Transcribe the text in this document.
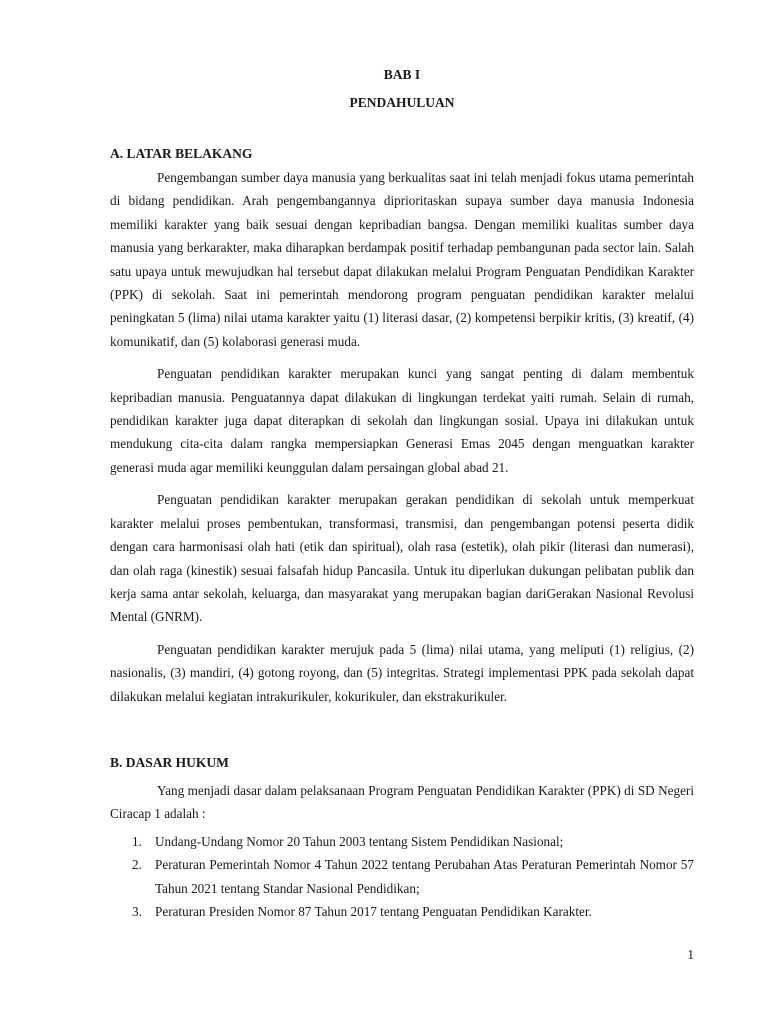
BAB I

PENDAHULUAN

A. LATAR BELAKANG

Pengembangan sumber daya manusia yang berkualitas saat ini telah menjadi fokus utama pemerintah di bidang pendidikan. Arah pengembangannya diprioritaskan supaya sumber daya manusia Indonesia memiliki karakter yang baik sesuai dengan kepribadian bangsa. Dengan memiliki kualitas sumber daya manusia yang berkarakter, maka diharapkan berdampak positif terhadap pembangunan pada sector lain. Salah satu upaya untuk mewujudkan hal tersebut dapat dilakukan melalui Program Penguatan Pendidikan Karakter (PPK) di sekolah. Saat ini pemerintah mendorong program penguatan pendidikan karakter melalui peningkatan 5 (lima) nilai utama karakter yaitu (1) literasi dasar, (2) kompetensi berpikir kritis, (3) kreatif, (4) komunikatif, dan (5) kolaborasi generasi muda.

Penguatan pendidikan karakter merupakan kunci yang sangat penting di dalam membentuk kepribadian manusia. Penguatannya dapat dilakukan di lingkungan terdekat yaiti rumah. Selain di rumah, pendidikan karakter juga dapat diterapkan di sekolah dan lingkungan sosial. Upaya ini dilakukan untuk mendukung cita-cita dalam rangka mempersiapkan Generasi Emas 2045 dengan menguatkan karakter generasi muda agar memiliki keunggulan dalam persaingan global abad 21.

Penguatan pendidikan karakter merupakan gerakan pendidikan di sekolah untuk memperkuat karakter melalui proses pembentukan, transformasi, transmisi, dan pengembangan potensi peserta didik dengan cara harmonisasi olah hati (etik dan spiritual), olah rasa (estetik), olah pikir (literasi dan numerasi), dan olah raga (kinestik) sesuai falsafah hidup Pancasila. Untuk itu diperlukan dukungan pelibatan publik dan kerja sama antar sekolah, keluarga, dan masyarakat yang merupakan bagian dariGerakan Nasional Revolusi Mental (GNRM).

Penguatan pendidikan karakter merujuk pada 5 (lima) nilai utama, yang meliputi (1) religius, (2) nasionalis, (3) mandiri, (4) gotong royong, dan (5) integritas. Strategi implementasi PPK pada sekolah dapat dilakukan melalui kegiatan intrakurikuler, kokurikuler, dan ekstrakurikuler.

B. DASAR HUKUM

Yang menjadi dasar dalam pelaksanaan Program Penguatan Pendidikan Karakter (PPK) di SD Negeri Ciracap 1 adalah :

1. Undang-Undang Nomor 20 Tahun 2003 tentang Sistem Pendidikan Nasional;
2. Peraturan Pemerintah Nomor 4 Tahun 2022 tentang Perubahan Atas Peraturan Pemerintah Nomor 57 Tahun 2021 tentang Standar Nasional Pendidikan;
3. Peraturan Presiden Nomor 87 Tahun 2017 tentang Penguatan Pendidikan Karakter.
1
